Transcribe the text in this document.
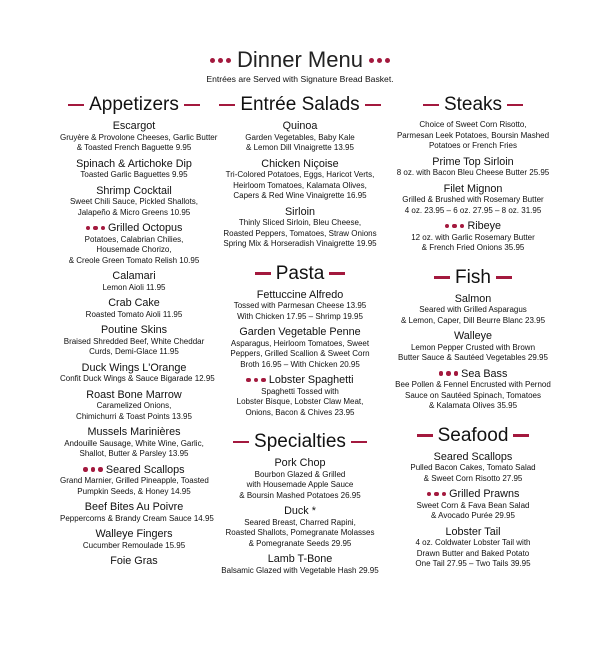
Dinner Menu
Entrées are Served with Signature Bread Basket.
Appetizers
Escargot
Gruyère & Provolone Cheeses, Garlic Butter
& Toasted French Baguette 9.95
Spinach & Artichoke Dip
Toasted Garlic Baguettes 9.95
Shrimp Cocktail
Sweet Chili Sauce, Pickled Shallots,
Jalapeño & Micro Greens 10.95
Grilled Octopus
Potatoes, Calabrian Chilies,
Housemade Chorizo,
& Creole Green Tomato Relish 10.95
Calamari
Lemon Aioli 11.95
Crab Cake
Roasted Tomato Aioli 11.95
Poutine Skins
Braised Shredded Beef, White Cheddar
Curds, Demi-Glace 11.95
Duck Wings L'Orange
Confit Duck Wings & Sauce Bigarade 12.95
Roast Bone Marrow
Caramelized Onions,
Chimichurri & Toast Points 13.95
Mussels Marinières
Andouille Sausage, White Wine, Garlic,
Shallot, Butter & Parsley 13.95
Seared Scallops
Grand Marnier, Grilled Pineapple, Toasted
Pumpkin Seeds, & Honey 14.95
Beef Bites Au Poivre
Peppercorns & Brandy Cream Sauce 14.95
Walleye Fingers
Cucumber Remoulade 15.95
Foie Gras
Entrée Salads
Quinoa
Garden Vegetables, Baby Kale
& Lemon Dill Vinaigrette 13.95
Chicken Niçoise
Tri-Colored Potatoes, Eggs, Haricot Verts,
Heirloom Tomatoes, Kalamata Olives,
Capers & Red Wine Vinaigrette 16.95
Sirloin
Thinly Sliced Sirloin, Bleu Cheese,
Roasted Peppers, Tomatoes, Straw Onions
Spring Mix & Horseradish Vinaigrette 19.95
Pasta
Fettuccine Alfredo
Tossed with Parmesan Cheese 13.95
With Chicken 17.95 – Shrimp 19.95
Garden Vegetable Penne
Asparagus, Heirloom Tomatoes, Sweet
Peppers, Grilled Scallion & Sweet Corn
Broth 16.95 – With Chicken 20.95
Lobster Spaghetti
Spaghetti Tossed with
Lobster Bisque, Lobster Claw Meat,
Onions, Bacon & Chives 23.95
Specialties
Pork Chop
Bourbon Glazed & Grilled
with Housemade Apple Sauce
& Boursin Mashed Potatoes 26.95
Duck *
Seared Breast, Charred Rapini,
Roasted Shallots, Pomegranate Molasses
& Pomegranate Seeds 29.95
Lamb T-Bone
Balsamic Glazed with Vegetable Hash 29.95
Steaks
Choice of Sweet Corn Risotto,
Parmesan Leek Potatoes, Boursin Mashed
Potatoes or French Fries
Prime Top Sirloin
8 oz. with Bacon Bleu Cheese Butter 25.95
Filet Mignon
Grilled & Brushed with Rosemary Butter
4 oz. 23.95 – 6 oz. 27.95 – 8 oz. 31.95
Ribeye
12 oz. with Garlic Rosemary Butter
& French Fried Onions 35.95
Fish
Salmon
Seared with Grilled Asparagus
& Lemon, Caper, Dill Beurre Blanc 23.95
Walleye
Lemon Pepper Crusted with Brown
Butter Sauce & Sautéed Vegetables 29.95
Sea Bass
Bee Pollen & Fennel Encrusted with Pernod
Sauce on Sautéed Spinach, Tomatoes
& Kalamata Olives 35.95
Seafood
Seared Scallops
Pulled Bacon Cakes, Tomato Salad
& Sweet Corn Risotto 27.95
Grilled Prawns
Sweet Corn & Fava Bean Salad
& Avocado Purée 29.95
Lobster Tail
4 oz. Coldwater Lobster Tail with
Drawn Butter and Baked Potato
One Tail 27.95 – Two Tails 39.95
